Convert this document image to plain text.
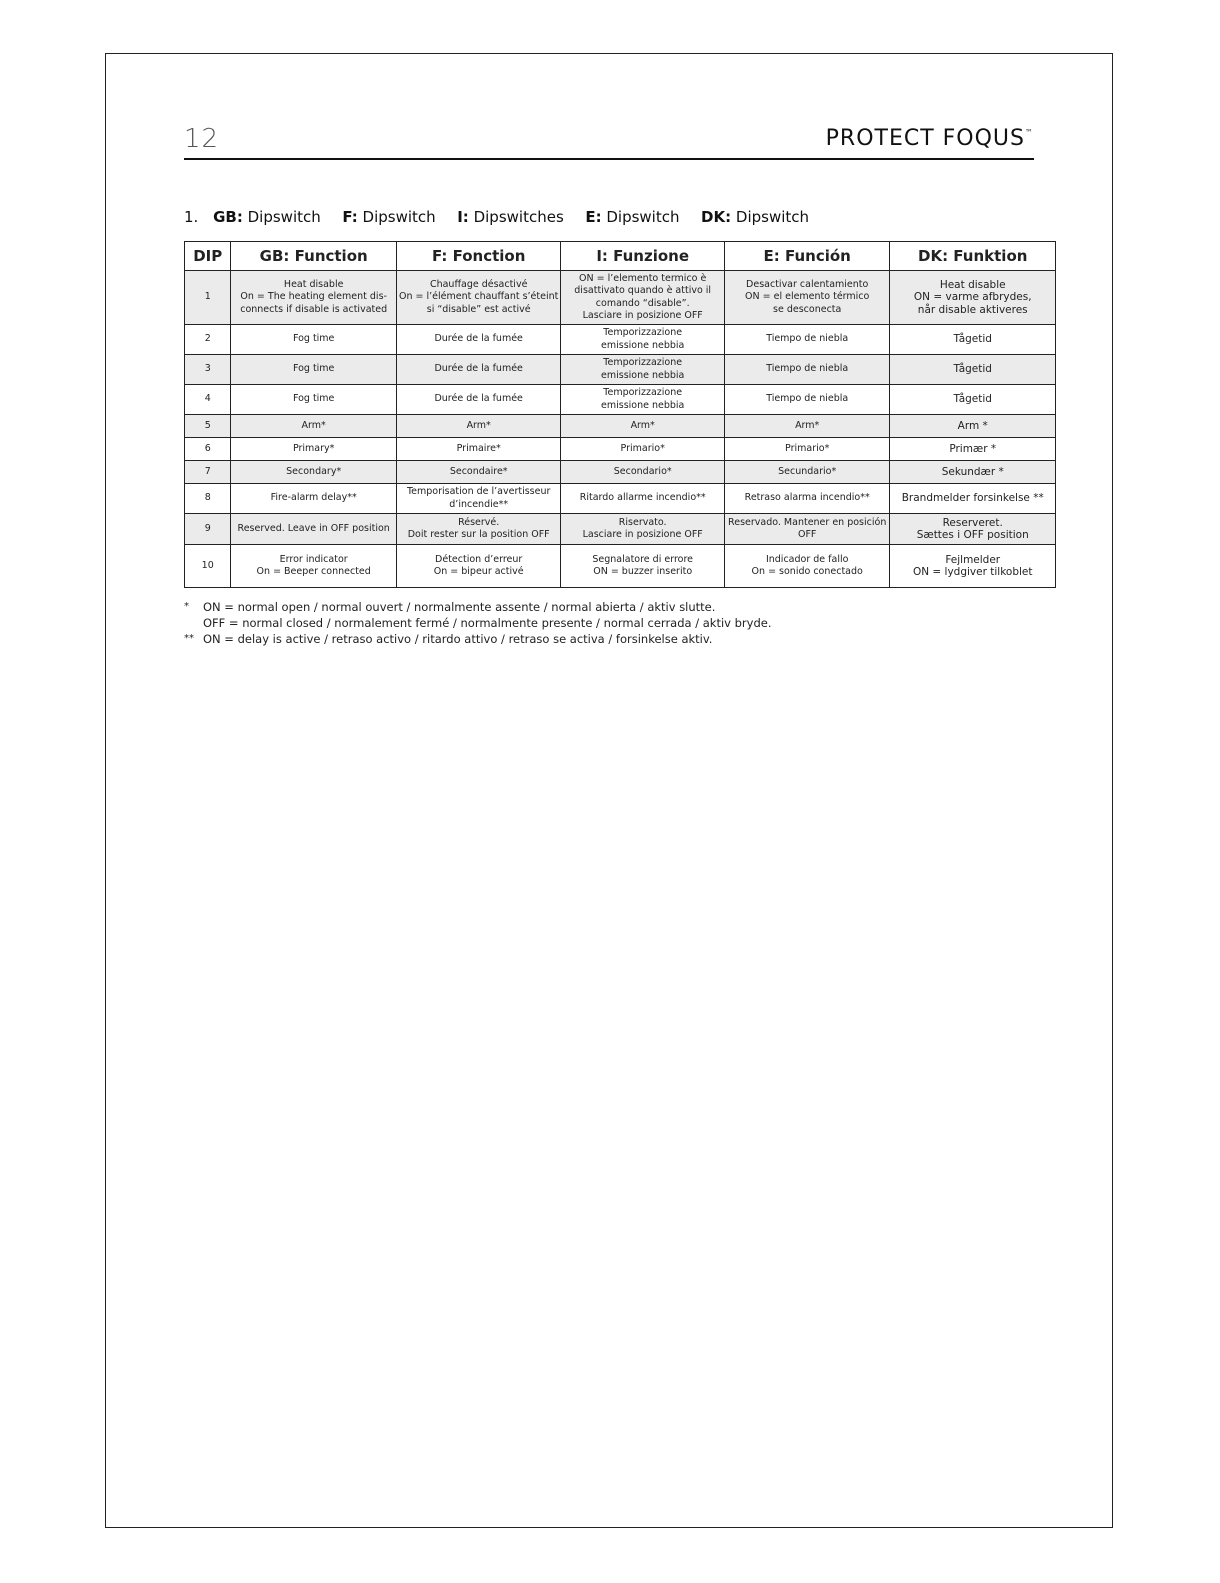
12	PROTECT FOQUS™
1. GB: Dipswitch F: Dipswitch I: Dipswitches E: Dipswitch DK: Dipswitch
DIP	GB: Function	F: Fonction	I: Funzione	E: Función	DK: Funktion
1	Heat disable
On = The heating element dis-
connects if disable is activated	Chauffage désactivé
On = l’élément chauffant s’éteint
si “disable” est activé	ON = l’elemento termico è
disattivato quando è attivo il
comando “disable”.
Lasciare in posizione OFF	Desactivar calentamiento
ON = el elemento térmico
se desconecta	Heat disable
ON = varme afbrydes,
når disable aktiveres

2	Fog time	Durée de la fumée	Temporizzazione
emissione nebbia	Tiempo de niebla	Tågetid

3	Fog time	Durée de la fumée	Temporizzazione
emissione nebbia	Tiempo de niebla	Tågetid

4	Fog time	Durée de la fumée	Temporizzazione
emissione nebbia	Tiempo de niebla	Tågetid

5	Arm*	Arm*	Arm*	Arm*	Arm *

6	Primary*	Primaire*	Primario*	Primario*	Primær *

7	Secondary*	Secondaire*	Secondario*	Secundario*	Sekundær *

8	Fire-alarm delay**	Temporisation de l’avertisseur
d’incendie**	Ritardo allarme incendio**	Retraso alarma incendio**	Brandmelder forsinkelse **

9	Reserved. Leave in OFF position	Réservé.
Doit rester sur la position OFF	Riservato.
Lasciare in posizione OFF	Reservado. Mantener en posición
OFF	Reserveret.
Sættes i OFF position

10	Error indicator
On = Beeper connected	Détection d’erreur
On = bipeur activé	Segnalatore di errore
ON = buzzer inserito	Indicador de fallo
On = sonido conectado	Fejlmelder
ON = lydgiver tilkoblet
*	ON = normal open / normal ouvert / normalmente assente / normal abierta / aktiv slutte.
OFF = normal closed / normalement fermé / normalmente presente / normal cerrada / aktiv bryde.
** ON = delay is active / retraso activo / ritardo attivo / retraso se activa / forsinkelse aktiv.
